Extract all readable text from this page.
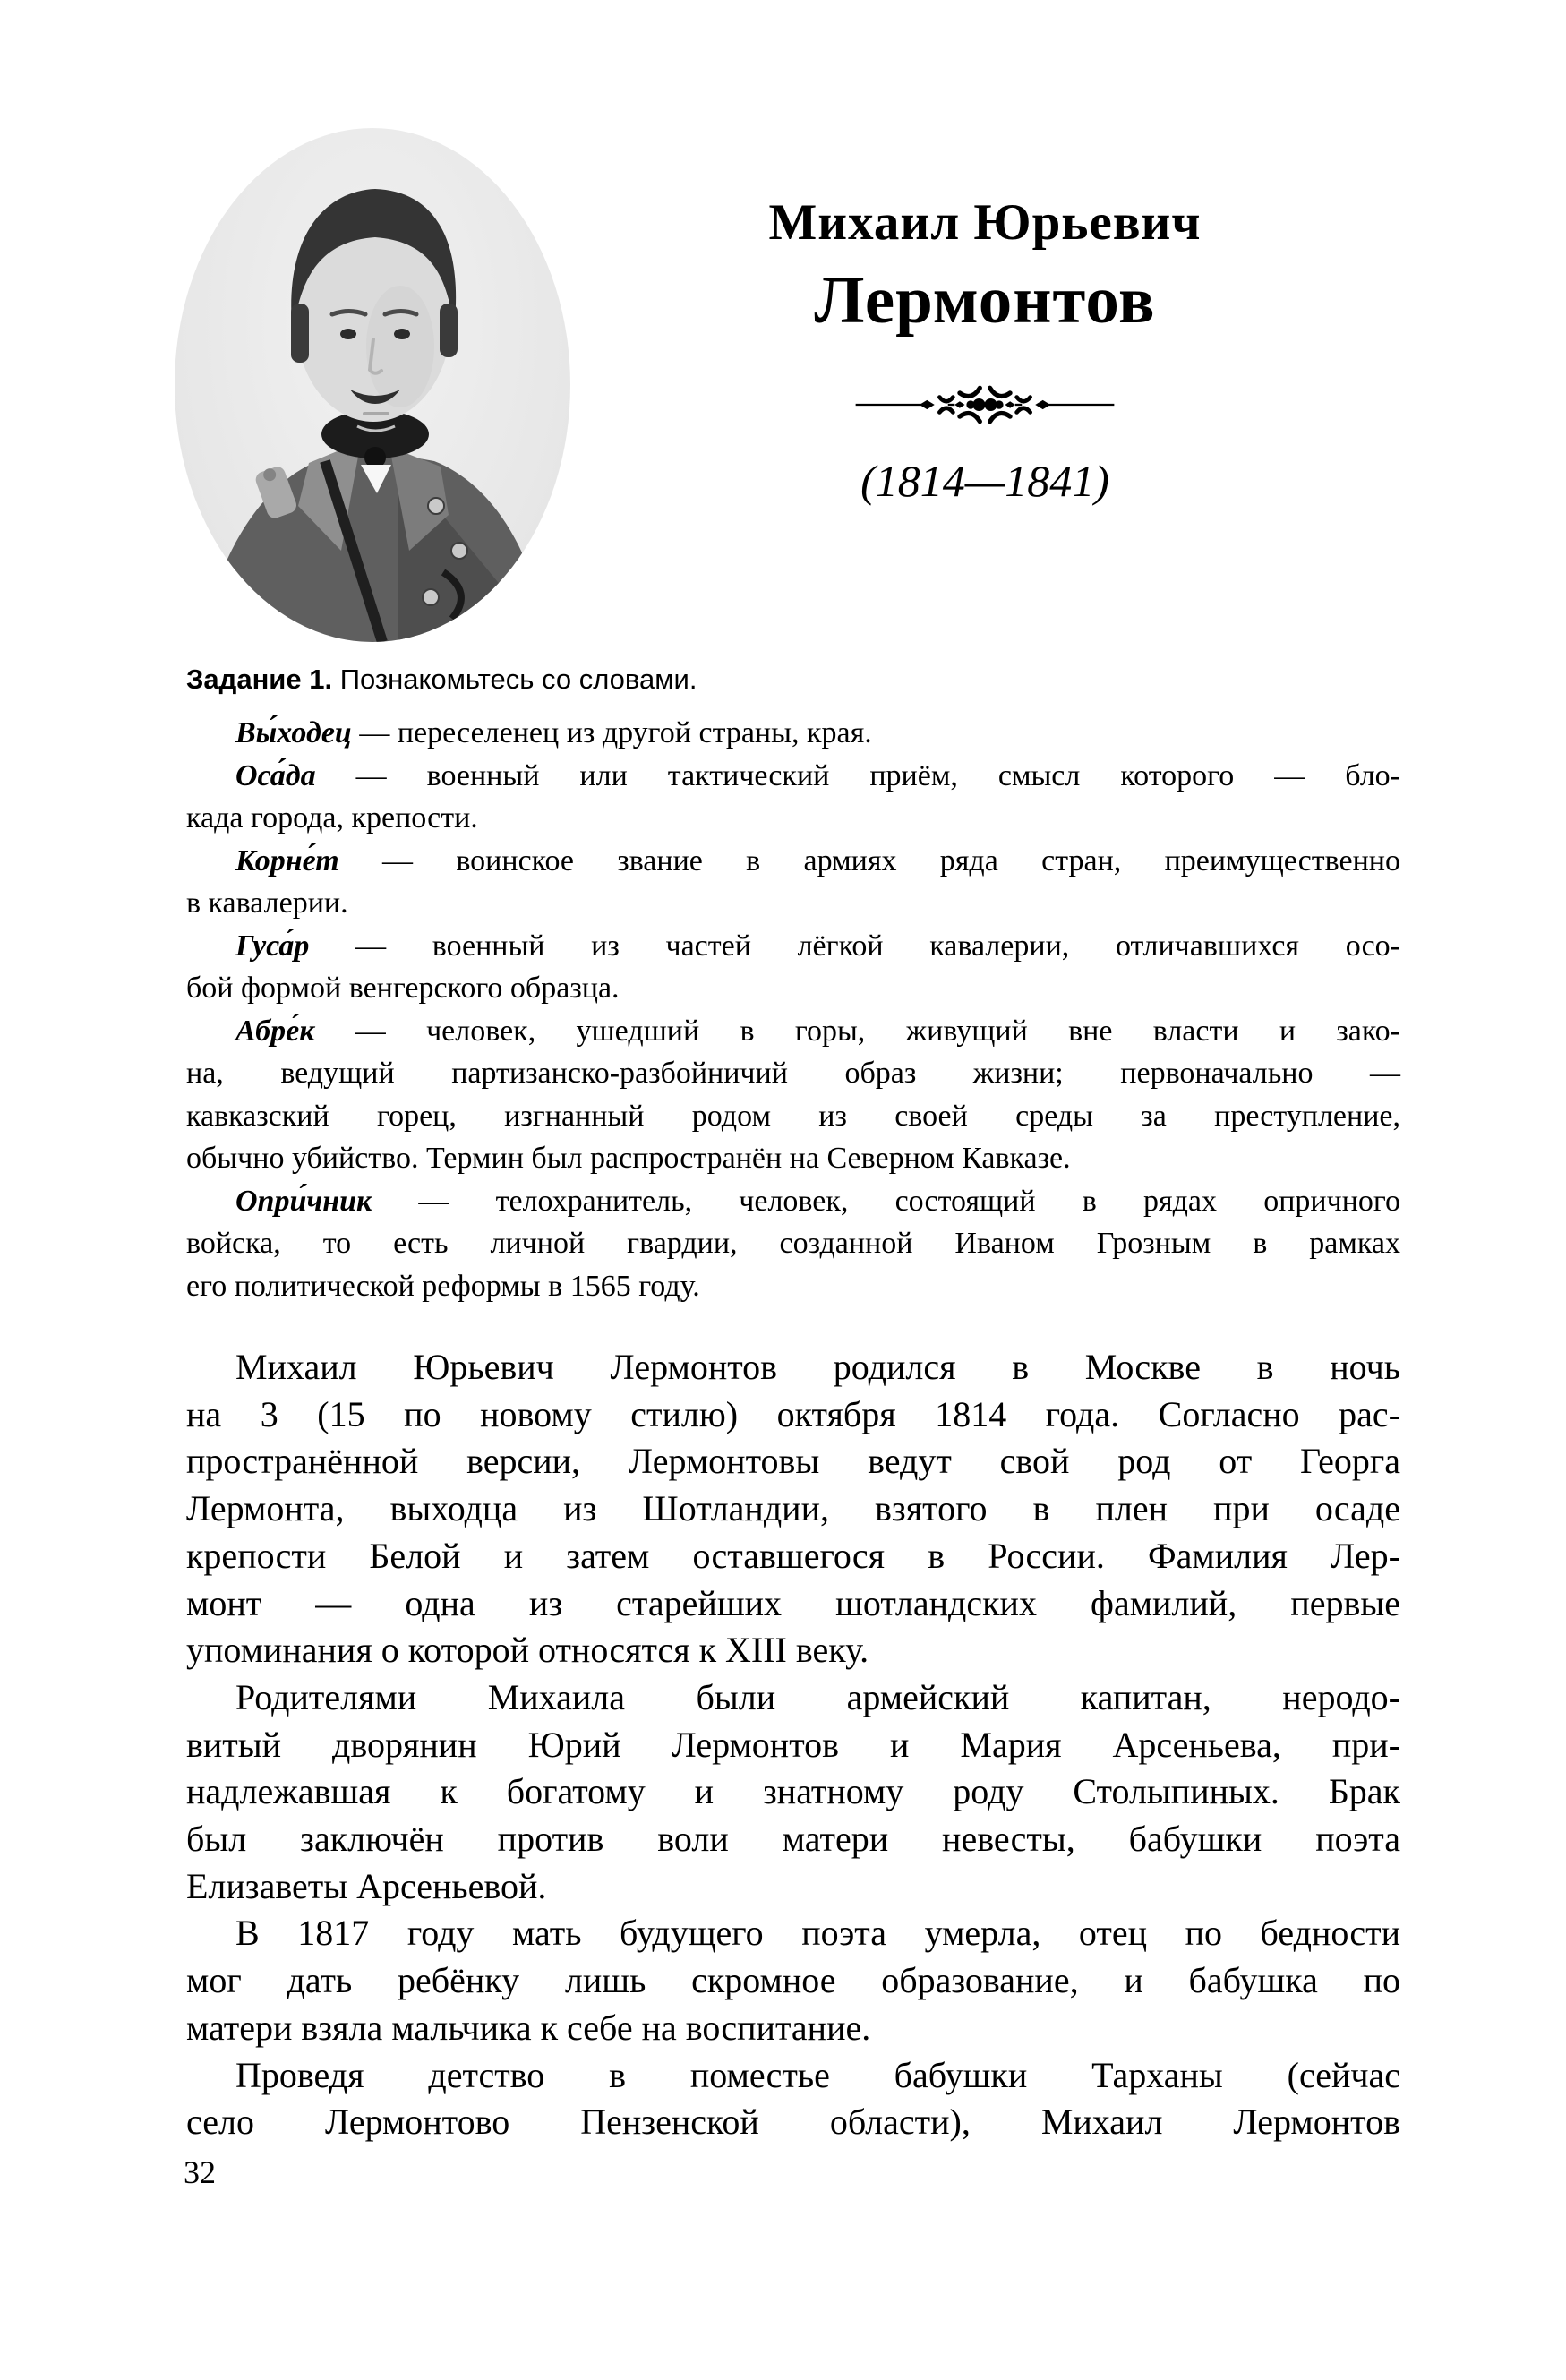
Михаил Юрьевич
Лермонтов
(1814—1841)
Задание 1. Познакомьтесь со словами.
Вы́ходец — переселенец из другой страны, края.
Оса́да — военный или тактический приём, смысл которого — бло-
када города, крепости.
Корне́т — воинское звание в армиях ряда стран, преимущественно
в кавалерии.
Гуса́р — военный из частей лёгкой кавалерии, отличавшихся осо-
бой формой венгерского образца.
Абре́к — человек, ушедший в горы, живущий вне власти и зако-
на, ведущий партизанско-разбойничий образ жизни; первоначально —
кавказский горец, изгнанный родом из своей среды за преступление,
обычно убийство. Термин был распространён на Северном Кавказе.
Опри́чник — телохранитель, человек, состоящий в рядах опричного
войска, то есть личной гвардии, созданной Иваном Грозным в рамках
его политической реформы в 1565 году.
Михаил Юрьевич Лермонтов родился в Москве в ночь
на 3 (15 по новому стилю) октября 1814 года. Согласно рас-
пространённой версии, Лермонтовы ведут свой род от Георга
Лермонта, выходца из Шотландии, взятого в плен при осаде
крепости Белой и затем оставшегося в России. Фамилия Лер-
монт — одна из старейших шотландских фамилий, первые
упоминания о которой относятся к XIII веку.
Родителями Михаила были армейский капитан, неродо-
витый дворянин Юрий Лермонтов и Мария Арсеньева, при-
надлежавшая к богатому и знатному роду Столыпиных. Брак
был заключён против воли матери невесты, бабушки поэта
Елизаветы Арсеньевой.
В 1817 году мать будущего поэта умерла, отец по бедности
мог дать ребёнку лишь скромное образование, и бабушка по
матери взяла мальчика к себе на воспитание.
Проведя детство в поместье бабушки Тарханы (сейчас
село Лермонтово Пензенской области), Михаил Лермонтов
32
